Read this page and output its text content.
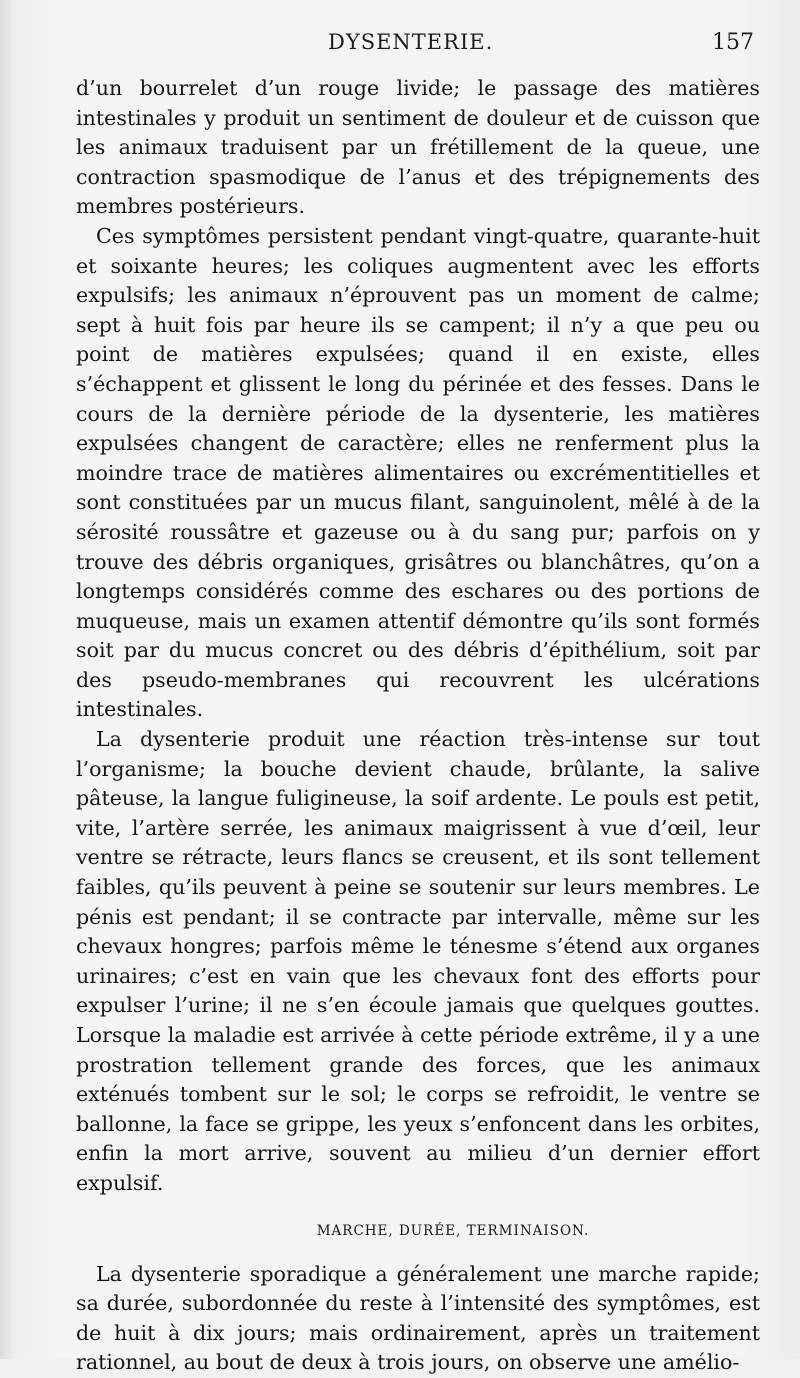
DYSENTERIE.	157

d’un bourrelet d’un rouge livide; le passage des matières intestinales y produit un sentiment de douleur et de cuisson que les animaux traduisent par un frétillement de la queue, une contraction spasmodique de l’anus et des trépignements des membres postérieurs.

Ces symptômes persistent pendant vingt-quatre, quarante-huit et soixante heures; les coliques augmentent avec les efforts expulsifs; les animaux n’éprouvent pas un moment de calme; sept à huit fois par heure ils se campent; il n’y a que peu ou point de matières expulsées; quand il en existe, elles s’échappent et glissent le long du périnée et des fesses. Dans le cours de la dernière période de la dysenterie, les matières expulsées changent de caractère; elles ne renferment plus la moindre trace de matières alimentaires ou excrémentitielles et sont constituées par un mucus filant, sanguinolent, mêlé à de la sérosité roussâtre et gazeuse ou à du sang pur; parfois on y trouve des débris organiques, grisâtres ou blanchâtres, qu’on a longtemps considérés comme des eschares ou des portions de muqueuse, mais un examen attentif démontre qu’ils sont formés soit par du mucus concret ou des débris d’épithélium, soit par des pseudo-membranes qui recouvrent les ulcérations intestinales.

La dysenterie produit une réaction très-intense sur tout l’organisme; la bouche devient chaude, brûlante, la salive pâteuse, la langue fuligineuse, la soif ardente. Le pouls est petit, vite, l’artère serrée, les animaux maigrissent à vue d’œil, leur ventre se rétracte, leurs flancs se creusent, et ils sont tellement faibles, qu’ils peuvent à peine se soutenir sur leurs membres. Le pénis est pendant; il se contracte par intervalle, même sur les chevaux hongres; parfois même le ténesme s’étend aux organes urinaires; c’est en vain que les chevaux font des efforts pour expulser l’urine; il ne s’en écoule jamais que quelques gouttes. Lorsque la maladie est arrivée à cette période extrême, il y a une prostration tellement grande des forces, que les animaux exténués tombent sur le sol; le corps se refroidit, le ventre se ballonne, la face se grippe, les yeux s’enfoncent dans les orbites, enfin la mort arrive, souvent au milieu d’un dernier effort expulsif.

MARCHE, DURÉE, TERMINAISON.

La dysenterie sporadique a généralement une marche rapide; sa durée, subordonnée du reste à l’intensité des symptômes, est de huit à dix jours; mais ordinairement, après un traitement rationnel, au bout de deux à trois jours, on observe une amélio-
